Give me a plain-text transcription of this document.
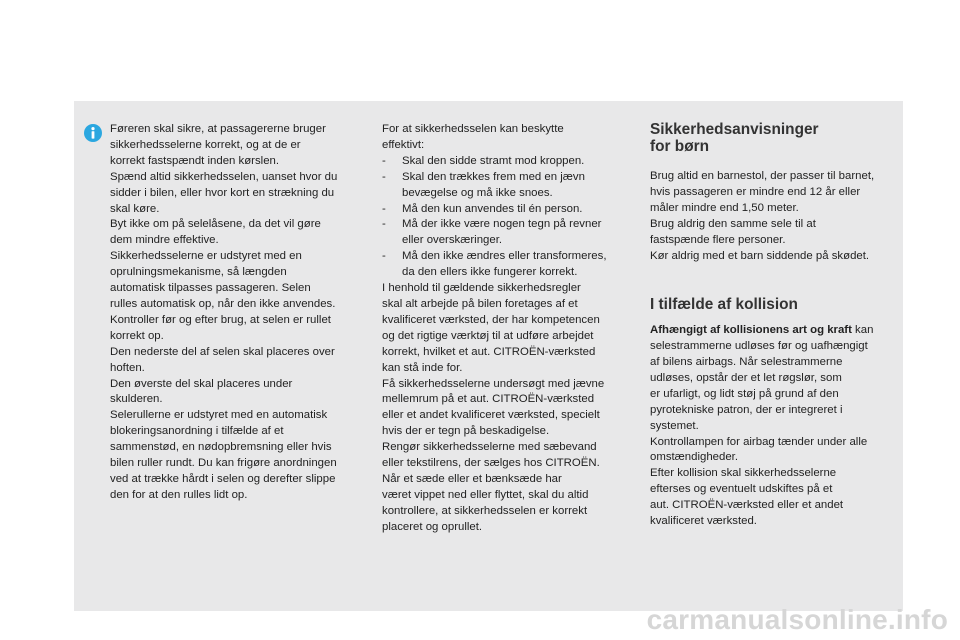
Føreren skal sikre, at passagererne bruger
sikkerhedsselerne korrekt, og at de er
korrekt fastspændt inden kørslen.
Spænd altid sikkerhedsselen, uanset hvor du
sidder i bilen, eller hvor kort en strækning du
skal køre.
Byt ikke om på selelåsene, da det vil gøre
dem mindre effektive.
Sikkerhedsselerne er udstyret med en
oprulningsmekanisme, så længden
automatisk tilpasses passageren. Selen
rulles automatisk op, når den ikke anvendes.
Kontroller før og efter brug, at selen er rullet
korrekt op.
Den nederste del af selen skal placeres over
hoften.
Den øverste del skal placeres under
skulderen.
Selerullerne er udstyret med en automatisk
blokeringsanordning i tilfælde af et
sammenstød, en nødopbremsning eller hvis
bilen ruller rundt. Du kan frigøre anordningen
ved at trække hårdt i selen og derefter slippe
den for at den rulles lidt op.
For at sikkerhedsselen kan beskytte
effektivt:
- Skal den sidde stramt mod kroppen.
- Skal den trækkes frem med en jævn
bevægelse og må ikke snoes.
- Må den kun anvendes til én person.
- Må der ikke være nogen tegn på revner
eller overskæringer.
- Må den ikke ændres eller transformeres,
da den ellers ikke fungerer korrekt.
I henhold til gældende sikkerhedsregler
skal alt arbejde på bilen foretages af et
kvalificeret værksted, der har kompetencen
og det rigtige værktøj til at udføre arbejdet
korrekt, hvilket et aut. CITROËN-værksted
kan stå inde for.
Få sikkerhedsselerne undersøgt med jævne
mellemrum på et aut. CITROËN-værksted
eller et andet kvalificeret værksted, specielt
hvis der er tegn på beskadigelse.
Rengør sikkerhedsselerne med sæbevand
eller tekstilrens, der sælges hos CITROËN.
Når et sæde eller et bænksæde har
været vippet ned eller flyttet, skal du altid
kontrollere, at sikkerhedsselen er korrekt
placeret og oprullet.
Sikkerhedsanvisninger
for børn
Brug altid en barnestol, der passer til barnet,
hvis passageren er mindre end 12 år eller
måler mindre end 1,50 meter.
Brug aldrig den samme sele til at
fastspænde flere personer.
Kør aldrig med et barn siddende på skødet.
I tilfælde af kollision
Afhængigt af kollisionens art og kraft kan
selestrammerne udløses før og uafhængigt
af bilens airbags. Når selestrammerne
udløses, opstår der et let røgslør, som
er ufarligt, og lidt støj på grund af den
pyrotekniske patron, der er integreret i
systemet.
Kontrollampen for airbag tænder under alle
omstændigheder.
Efter kollision skal sikkerhedsselerne
efterses og eventuelt udskiftes på et
aut. CITROËN-værksted eller et andet
kvalificeret værksted.
carmanualsonline.info
